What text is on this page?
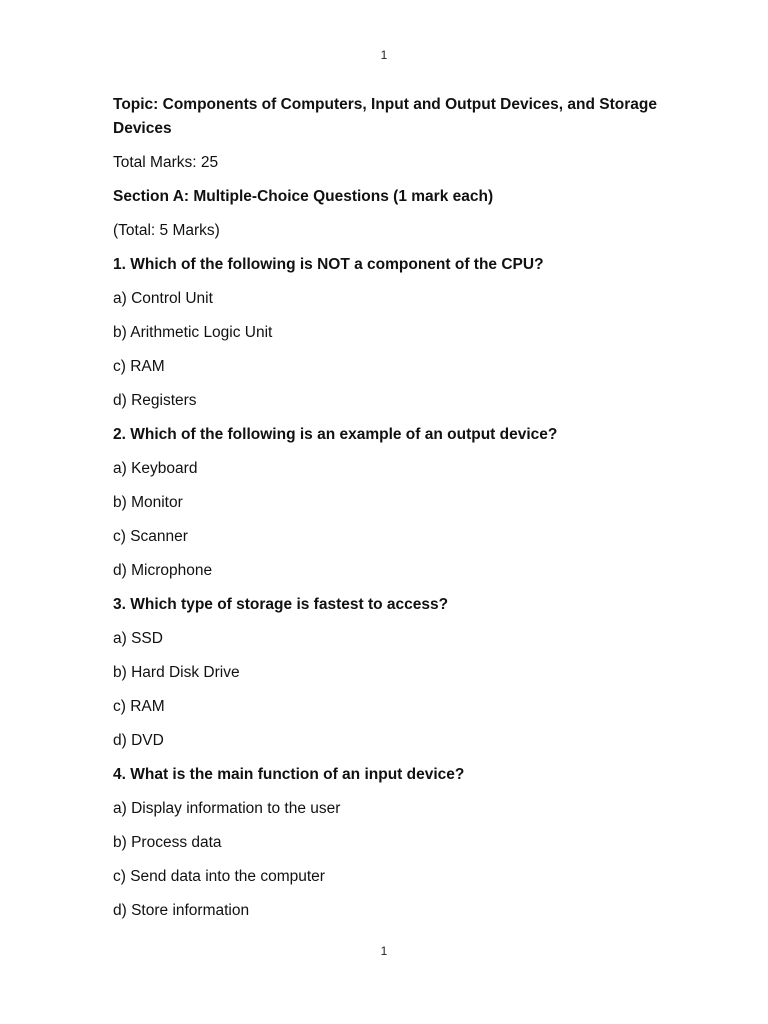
1
Topic: Components of Computers, Input and Output Devices, and Storage Devices
Total Marks: 25
Section A: Multiple-Choice Questions (1 mark each)
(Total: 5 Marks)
1. Which of the following is NOT a component of the CPU?
a) Control Unit
b) Arithmetic Logic Unit
c) RAM
d) Registers
2. Which of the following is an example of an output device?
a) Keyboard
b) Monitor
c) Scanner
d) Microphone
3. Which type of storage is fastest to access?
a) SSD
b) Hard Disk Drive
c) RAM
d) DVD
4. What is the main function of an input device?
a) Display information to the user
b) Process data
c) Send data into the computer
d) Store information
1
